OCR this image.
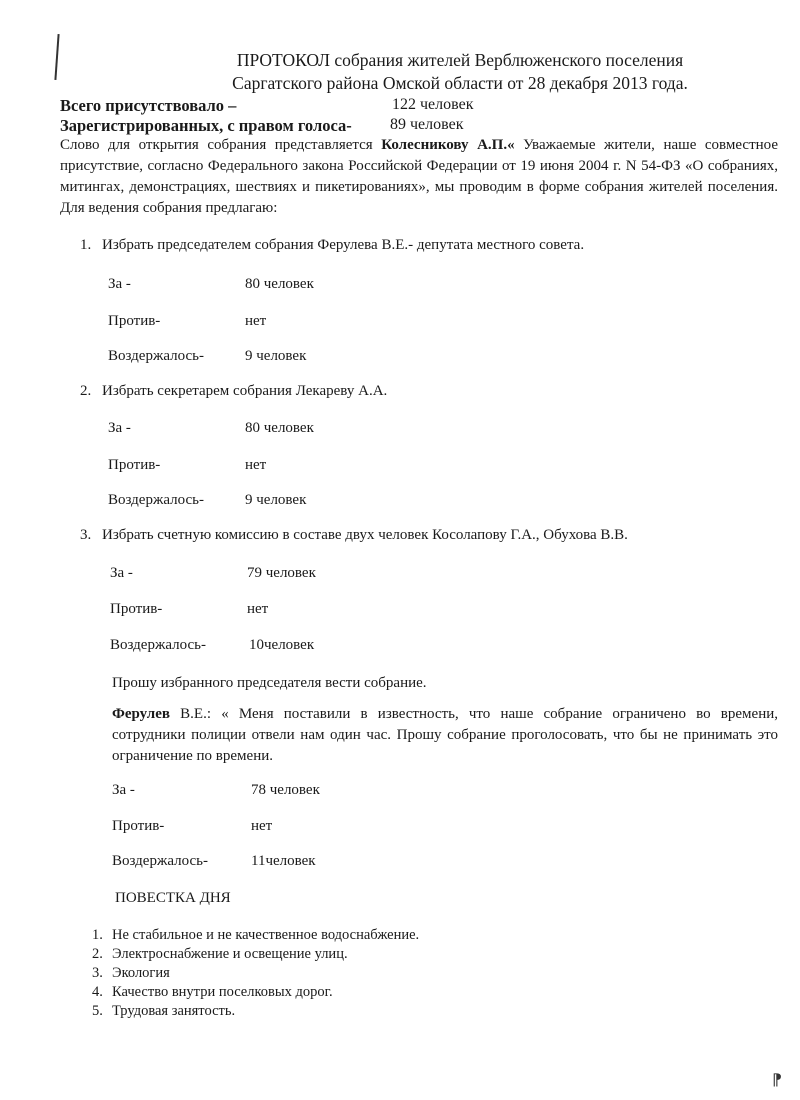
ПРОТОКОЛ собрания жителей Верблюженского поселения
Саргатского района Омской области от 28 декабря 2013 года.
Всего присутствовало –	122 человек
Зарегистрированных, с правом голоса- 89 человек
Слово для открытия собрания представляется Колесникову А.П.« Уважаемые жители, наше совместное присутствие, согласно Федерального закона Российской Федерации от 19 июня 2004 г. N 54-ФЗ «О собраниях, митингах, демонстрациях, шествиях и пикетированиях», мы проводим в форме собрания жителей поселения. Для ведения собрания предлагаю:
1. Избрать председателем собрания Ферулева В.Е.- депутата местного совета.
За -	80 человек
Против-	нет
Воздержалось-	9 человек
2. Избрать секретарем собрания Лекареву А.А.
За -	80 человек
Против-	нет
Воздержалось-	9 человек
3. Избрать счетную комиссию в составе двух человек Косолапову Г.А., Обухова В.В.
За -	79 человек
Против-	нет
Воздержалось-	10человек
Прошу избранного председателя вести собрание.
Ферулев В.Е.: « Меня поставили в известность, что наше собрание ограничено во времени, сотрудники полиции отвели нам один час. Прошу собрание проголосовать, что бы не принимать это ограничение по времени.
За -	78 человек
Против-	нет
Воздержалось-	11человек
ПОВЕСТКА ДНЯ
1. Не стабильное и не качественное водоснабжение.
2. Электроснабжение и освещение улиц.
3. Экология
4. Качество внутри поселковых дорог.
5. Трудовая занятость.
⁋
